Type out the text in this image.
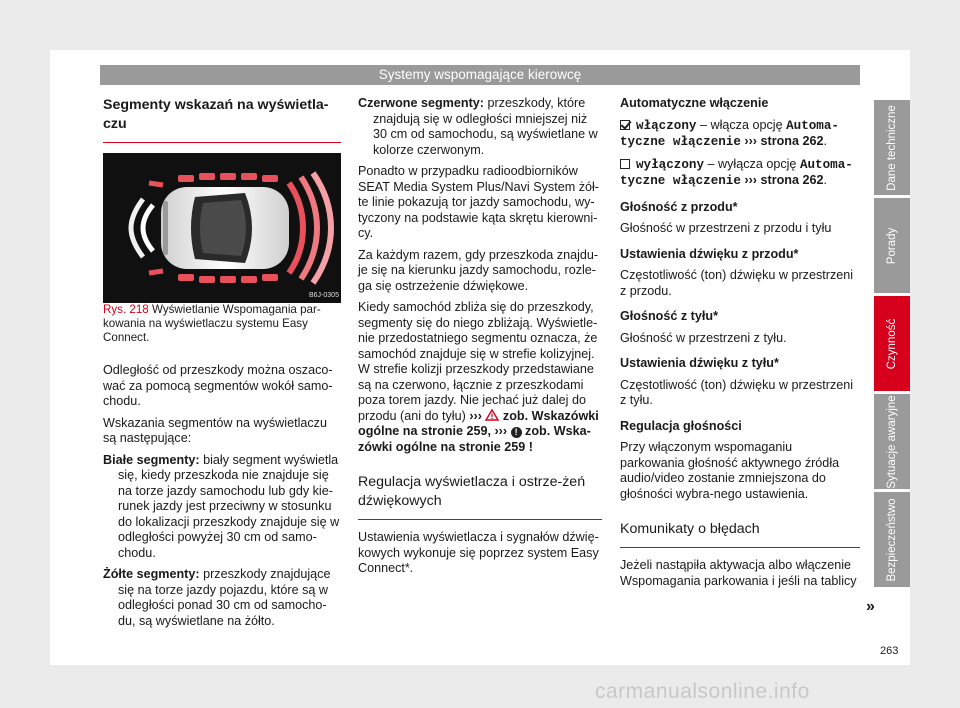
Systemy wspomagające kierowcę
Segmenty wskazań na wyświetla-
czu
B6J-0305

Rys. 218 Wyświetlanie Wspomagania par-kowania na wyświetlaczu systemu Easy Connect.

Odległość od przeszkody można oszaco-wać za pomocą segmentów wokół samo-chodu.

Wskazania segmentów na wyświetlaczu są następujące:

Białe segmenty: biały segment wyświetla się, kiedy przeszkoda nie znajduje się na torze jazdy samochodu lub gdy kie-runek jazdy jest przeciwny w stosunku do lokalizacji przeszkody znajduje się w odległości powyżej 30 cm od samo-chodu.

Żółte segmenty: przeszkody znajdujące się na torze jazdy pojazdu, które są w odległości ponad 30 cm od samocho-du, są wyświetlane na żółto.

Czerwone segmenty: przeszkody, które znajdują się w odległości mniejszej niż 30 cm od samochodu, są wyświetlane w kolorze czerwonym.

Ponadto w przypadku radioodbiorników SEAT Media System Plus/Navi System żół-te linie pokazują tor jazdy samochodu, wy-tyczony na podstawie kąta skrętu kierowni-cy.

Za każdym razem, gdy przeszkoda znajdu-je się na kierunku jazdy samochodu, rozle-ga się ostrzeżenie dźwiękowe.

Kiedy samochód zbliża się do przeszkody, segmenty się do niego zbliżają. Wyświetle-nie przedostatniego segmentu oznacza, że samochód znajduje się w strefie kolizyjnej. W strefie kolizji przeszkody przedstawiane są na czerwono, łącznie z przeszkodami poza torem jazdy. Nie jechać już dalej do przodu (ani do tyłu) ›››  zob. Wskazówki ogólne na stronie 259, ››› ! zob. Wska-zówki ogólne na stronie 259 !

Regulacja wyświetlacza i ostrze-żeń dźwiękowych

Ustawienia wyświetlacza i sygnałów dźwię-kowych wykonuje się poprzez system Easy Connect*.

Automatyczne włączenie

włączony – włącza opcję Automa-tyczne włączenie ››› strona 262.

wyłączony – wyłącza opcję Automa-tyczne włączenie ››› strona 262.

Głośność z przodu*

Głośność w przestrzeni z przodu i tyłu

Ustawienia dźwięku z przodu*

Częstotliwość (ton) dźwięku w przestrzeni z przodu.

Głośność z tyłu*

Głośność w przestrzeni z tyłu.

Ustawienia dźwięku z tyłu*

Częstotliwość (ton) dźwięku w przestrzeni z tyłu.

Regulacja głośności

Przy włączonym wspomaganiu parkowania głośność aktywnego źródła audio/video zostanie zmniejszona do głośności wybra-nego ustawienia.

Komunikaty o błędach

Jeżeli nastąpiła aktywacja albo włączenie Wspomagania parkowania i jeśli na tablicy

»
Dane techniczne
Porady
Czynność
Sytuacje awaryjne
Bezpieczeństwo
263
carmanualsonline.info
